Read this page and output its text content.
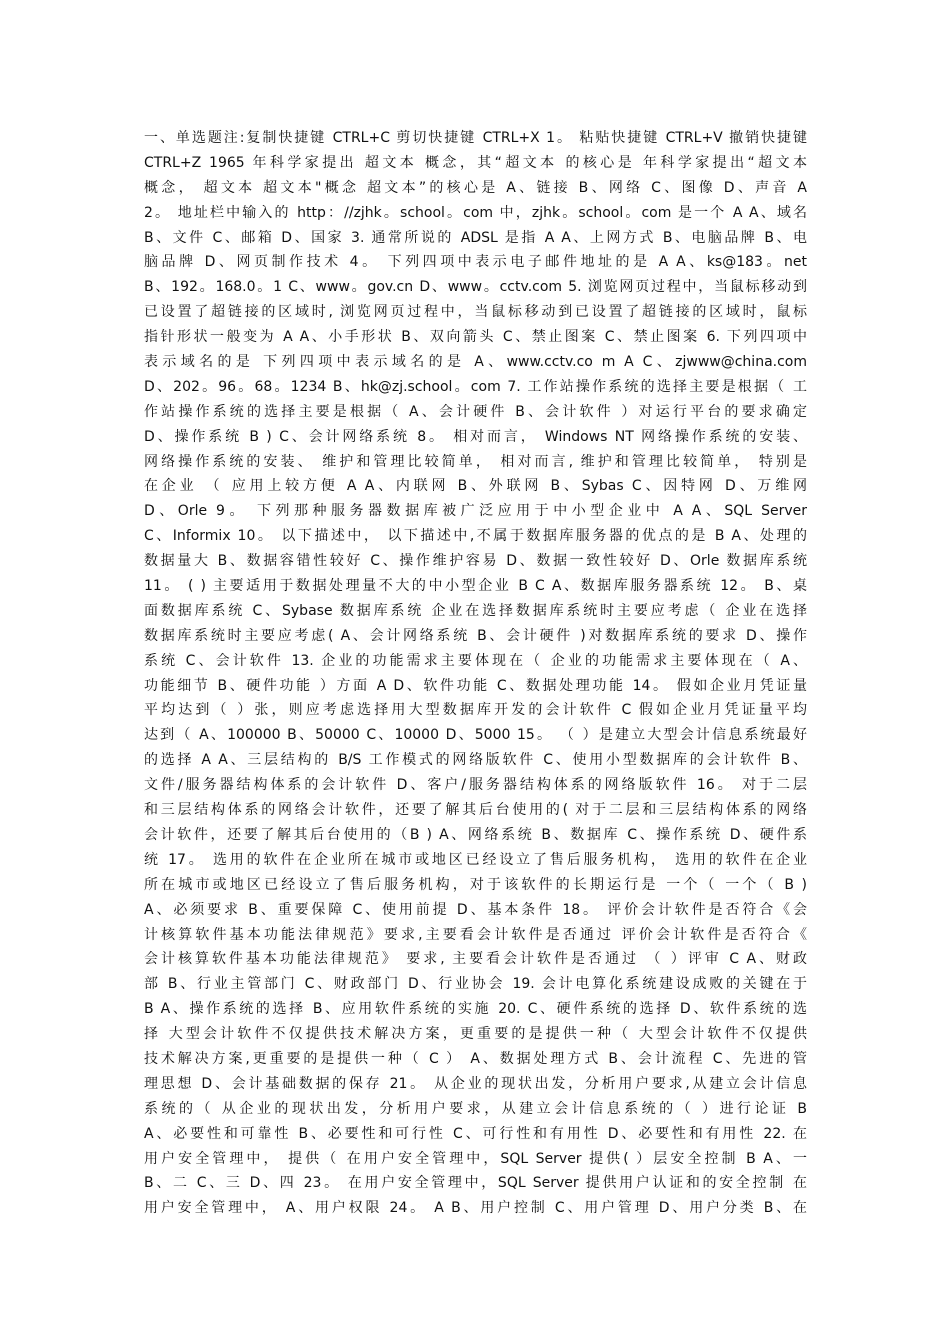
一、单选题注:复制快捷键 CTRL+C 剪切快捷键 CTRL+X 1。 粘贴快捷键 CTRL+V 撤销快捷键
CTRL+Z 1965 年科学家提出 超文本 概念，其“超文本 的核心是 年科学家提出“超文本
概念， 超文本 超文本"概念 超文本”的核心是 A、链接 B、网络 C、图像 D、声音 A
2。 地址栏中输入的 http：//zjhk。school。com 中，zjhk。school。com 是一个 A A、域名
B、文件 C、邮箱 D、国家 3. 通常所说的 ADSL 是指 A A、上网方式 B、电脑品牌 B、电
脑品牌 D、网页制作技术 4。 下列四项中表示电子邮件地址的是 A A、ks@183。net
B、192。168.0。1 C、www。gov.cn D、www。cctv.com 5. 浏览网页过程中，当鼠标移动到
已设置了超链接的区域时, 浏览网页过程中，当鼠标移动到已设置了超链接的区域时，鼠标
指针形状一般变为 A A、小手形状 B、双向箭头 C、禁止图案 C、禁止图案 6. 下列四项中
表示域名的是 下列四项中表示域名的是 A、www.cctv.co m A C、zjwww@china.com
D、202。96。68。1234 B、hk@zj.school。com 7. 工作站操作系统的选择主要是根据（ 工
作站操作系统的选择主要是根据（ A、会计硬件 B、会计软件 ）对运行平台的要求确定
D、操作系统 B ) C、会计网络系统 8。 相对而言， Windows NT 网络操作系统的安装、
网络操作系统的安装、 维护和管理比较简单， 相对而言, 维护和管理比较简单， 特别是
在企业 （ 应用上较方便 A A、内联网 B、外联网 B、Sybas C、因特网 D、万维网
D、Orle 9。 下列那种服务器数据库被广泛应用于中小型企业中 A A、SQL Server
C、Informix 10。 以下描述中， 以下描述中,不属于数据库服务器的优点的是 B A、处理的
数据量大 B、数据容错性较好 C、操作维护容易 D、数据一致性较好 D、Orle 数据库系统
11。 ( ) 主要适用于数据处理量不大的中小型企业 B C A、数据库服务器系统 12。 B、桌
面数据库系统 C、Sybase 数据库系统 企业在选择数据库系统时主要应考虑（ 企业在选择
数据库系统时主要应考虑( A、会计网络系统 B、会计硬件 )对数据库系统的要求 D、操作
系统 C、会计软件 13. 企业的功能需求主要体现在（ 企业的功能需求主要体现在（ A、
功能细节 B、硬件功能 ）方面 A D、软件功能 C、数据处理功能 14。 假如企业月凭证量
平均达到（ ）张，则应考虑选择用大型数据库开发的会计软件 C 假如企业月凭证量平均
达到（ A、100000 B、50000 C、10000 D、5000 15。 （ ）是建立大型会计信息系统最好
的选择 A A、三层结构的 B/S 工作模式的网络版软件 C、使用小型数据库的会计软件 B、
文件/服务器结构体系的会计软件 D、客户/服务器结构体系的网络版软件 16。 对于二层
和三层结构体系的网络会计软件，还要了解其后台使用的( 对于二层和三层结构体系的网络
会计软件，还要了解其后台使用的（B ) A、网络系统 B、数据库 C、操作系统 D、硬件系
统 17。 选用的软件在企业所在城市或地区已经设立了售后服务机构， 选用的软件在企业
所在城市或地区已经设立了售后服务机构，对于该软件的长期运行是 一个（ 一个（ B )
A、必须要求 B、重要保障 C、使用前提 D、基本条件 18。 评价会计软件是否符合《会
计核算软件基本功能法律规范》要求,主要看会计软件是否通过 评价会计软件是否符合《
会计核算软件基本功能法律规范》 要求, 主要看会计软件是否通过 （ ）评审 C A、财政
部 B、行业主管部门 C、财政部门 D、行业协会 19. 会计电算化系统建设成败的关键在于
B A、操作系统的选择 B、应用软件系统的实施 20. C、硬件系统的选择 D、软件系统的选
择 大型会计软件不仅提供技术解决方案，更重要的是提供一种（ 大型会计软件不仅提供
技术解决方案,更重要的是提供一种（ C ） A、数据处理方式 B、会计流程 C、先进的管
理思想 D、会计基础数据的保存 21。 从企业的现状出发，分析用户要求,从建立会计信息
系统的（ 从企业的现状出发，分析用户要求，从建立会计信息系统的（ ）进行论证 B
A、必要性和可靠性 B、必要性和可行性 C、可行性和有用性 D、必要性和有用性 22. 在
用户安全管理中， 提供（ 在用户安全管理中，SQL Server 提供( ）层安全控制 B A、一
B、二 C、三 D、四 23。 在用户安全管理中，SQL Server 提供用户认证和的安全控制 在
用户安全管理中， A、用户权限 24。 A B、用户控制 C、用户管理 D、用户分类 B、在
